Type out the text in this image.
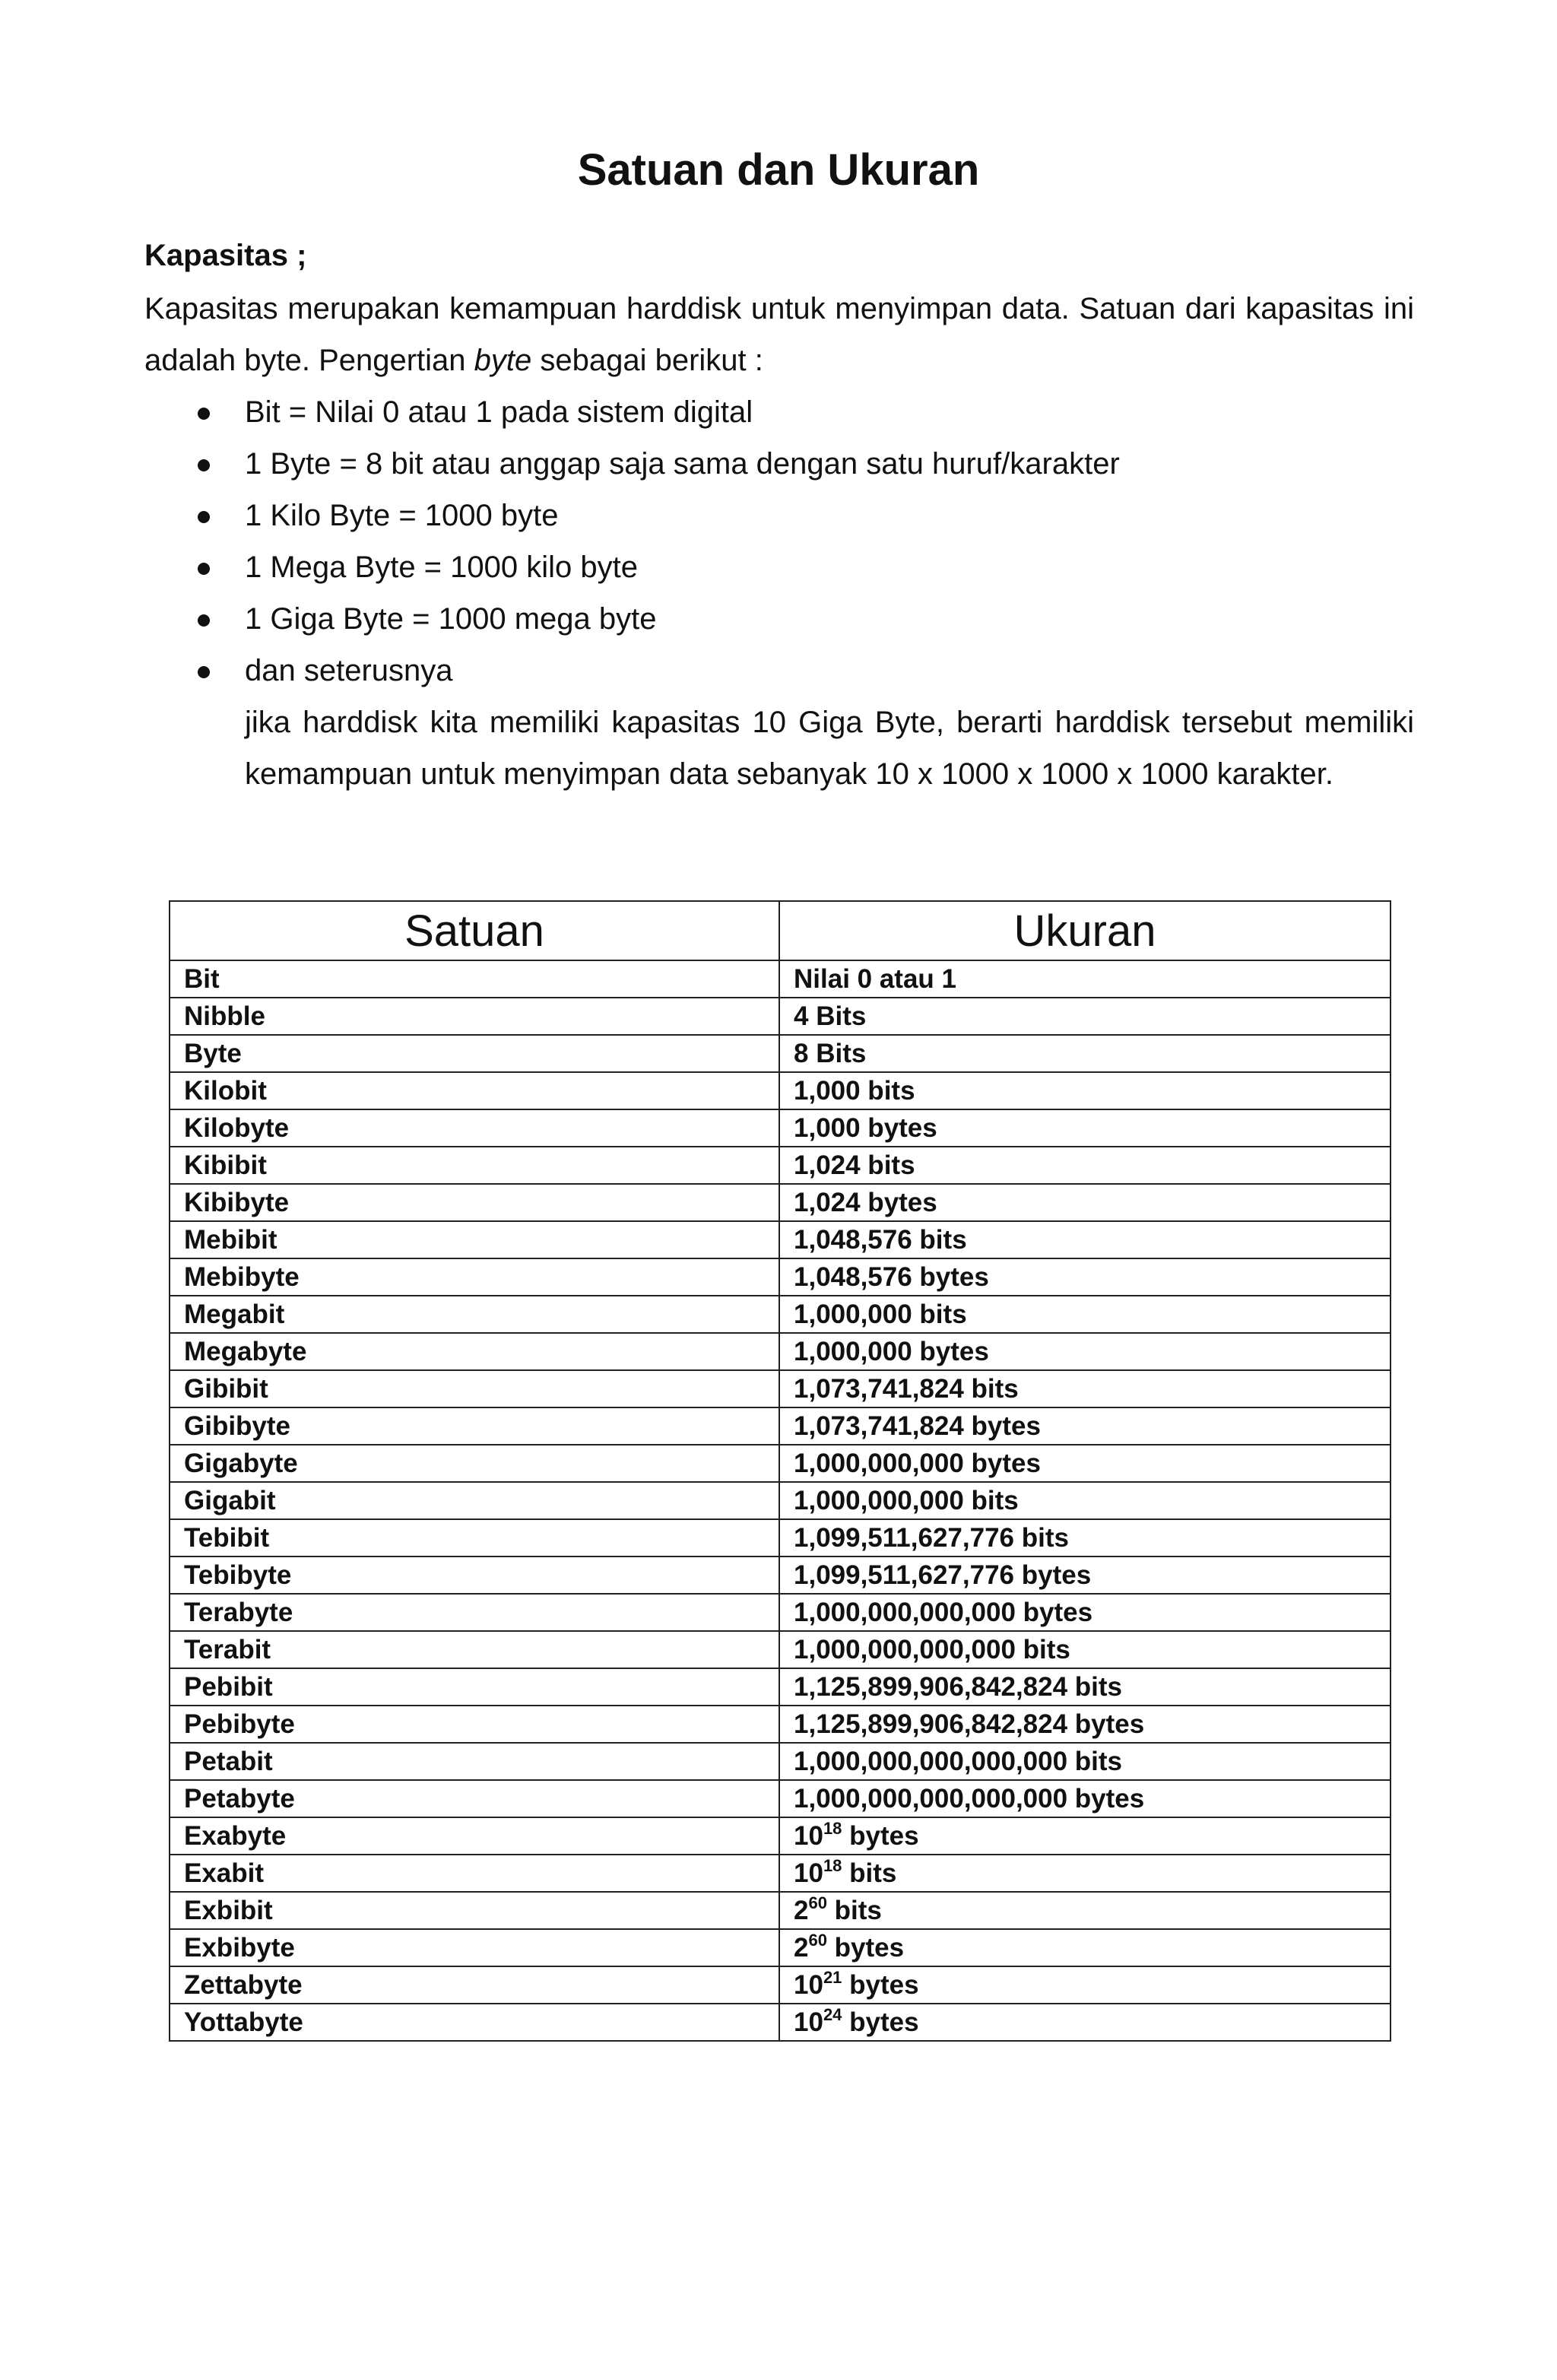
Satuan dan Ukuran

Kapasitas ;

Kapasitas merupakan kemampuan harddisk untuk menyimpan data. Satuan dari kapasitas ini adalah byte. Pengertian byte sebagai berikut :

Bit = Nilai 0 atau 1 pada sistem digital
1 Byte = 8 bit atau anggap saja sama dengan satu huruf/karakter
1 Kilo Byte = 1000 byte
1 Mega Byte = 1000 kilo byte
1 Giga Byte = 1000 mega byte
dan seterusnya

jika harddisk kita memiliki kapasitas 10 Giga Byte, berarti harddisk tersebut memiliki kemampuan untuk menyimpan data sebanyak 10 x 1000 x 1000 x 1000 karakter.

Satuan	Ukuran
Bit	Nilai 0 atau 1
Nibble	4 Bits
Byte	8 Bits
Kilobit	1,000 bits
Kilobyte	1,000 bytes
Kibibit	1,024 bits
Kibibyte	1,024 bytes
Mebibit	1,048,576 bits
Mebibyte	1,048,576 bytes
Megabit	1,000,000 bits
Megabyte	1,000,000 bytes
Gibibit	1,073,741,824 bits
Gibibyte	1,073,741,824 bytes
Gigabyte	1,000,000,000 bytes
Gigabit	1,000,000,000 bits
Tebibit	1,099,511,627,776 bits
Tebibyte	1,099,511,627,776 bytes
Terabyte	1,000,000,000,000 bytes
Terabit	1,000,000,000,000 bits
Pebibit	1,125,899,906,842,824 bits
Pebibyte	1,125,899,906,842,824 bytes
Petabit	1,000,000,000,000,000 bits
Petabyte	1,000,000,000,000,000 bytes
Exabyte	$10^{18}$ bytes
Exabit	$10^{18}$ bits
Exbibit	$2^{60}$ bits
Exbibyte	$2^{60}$ bytes
Zettabyte	$10^{21}$ bytes
Yottabyte	$10^{24}$ bytes
